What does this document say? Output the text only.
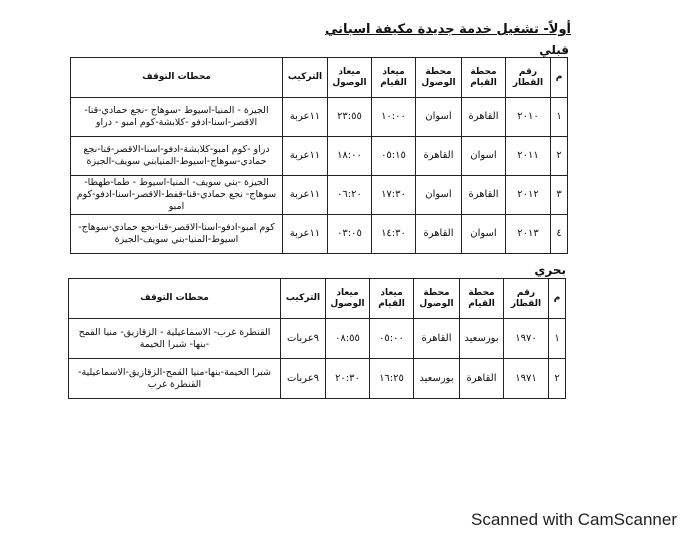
أولاً- تشغيل خدمة جديدة مكيفة اسباني
قبلي
م	رقم القطار	محطة القيام	محطة الوصول	ميعاد القيام	ميعاد الوصول	التركيب	محطات التوقف
١	٢٠١٠	القاهرة	اسوان	١٠:٠٠	٢٣:٥٥	١١عربة	الجيزة - المنيا-اسيوط -سوهاج -نجع حمادي-قنا-الاقصر-اسنا-ادفو -كلابشة-كوم امبو - دراو
٢	٢٠١١	اسوان	القاهرة	٠٥:١٥	١٨:٠٠	١١عربة	دراو -كوم امبو-كلابشة-ادفو-اسنا-الاقصر-قنا-نجع حمادي-سوهاج-اسيوط-المنيابني سويف-الجيزة
٣	٢٠١٢	القاهرة	اسوان	١٧:٣٠	٠٦:٢٠	١١عربة	الجيزة -بني سويف- المنيا-اسيوط - طما-طهطا-سوهاج- نجع حمادي-قنا-قفط-الاقصر-اسنا-ادفو-كوم امبو
٤	٢٠١٣	اسوان	القاهرة	١٤:٣٠	٠٣:٠٥	١١عربة	كوم امبو-ادفو-اسنا-الاقصر-قنا-نجع حمادي-سوهاج-اسيوط-المنيا-بني سويف-الجيزة
بحري
م	رقم القطار	محطة القيام	محطة الوصول	ميعاد القيام	ميعاد الوصول	التركيب	محطات التوقف
١	١٩٧٠	بورسعيد	القاهرة	٠٥:٠٠	٠٨:٥٥	٩عربات	القنطرة غرب- الاسماعيلية - الزقازيق- منيا القمح -بنها- شبرا الخيمة
٢	١٩٧١	القاهرة	بورسعيد	١٦:٢٥	٢٠:٣٠	٩عربات	شبرا الخيمة-بنها-منيا القمح-الزقازيق-الاسماعيلية-القنطرة غرب
Scanned with CamScanner
